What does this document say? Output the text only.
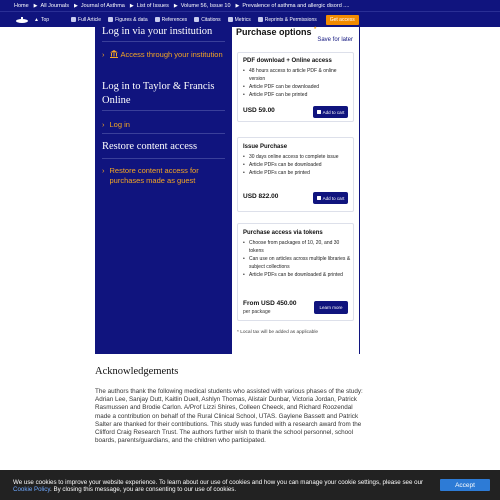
Home ▶ All Journals ▶ Journal of Asthma ▶ List of Issues ▶ Volume 56, Issue 10 ▶ Prevalence of asthma and allergic disord ....
▲ Top	Full Article	Figures & data	References	Citations	Metrics	Reprints & Permissions	Get access
Log in via your institution
›	Access through your institution
Log in to Taylor & Francis Online
› Log in
Restore content access
› Restore content access for purchases made as guest
Purchase options *
Save for later
PDF download + Online access
• 48 hours access to article PDF & online version
• Article PDF can be downloaded
• Article PDF can be printed
USD 59.00	Add to cart
Issue Purchase
• 30 days online access to complete issue
• Article PDFs can be downloaded
• Article PDFs can be printed
USD 822.00	Add to cart
Purchase access via tokens
• Choose from packages of 10, 20, and 30 tokens
• Can use on articles across multiple libraries & subject collections
• Article PDFs can be downloaded & printed
From USD 450.00
per package
Learn more
* Local tax will be added as applicable
Acknowledgements
The authors thank the following medical students who assisted with various phases of the study: Adrian Lee, Sanjay Dutt, Kaitlin Duell, Ashlyn Thomas, Alistair Dunbar, Victoria Jordan, Patrick Rasmussen and Brodie Carlon. A/Prof Lizzi Shires, Colleen Cheeck, and Richard Roozendal made a contribution on behalf of the Rural Clinical School, UTAS. Gaylene Bassett and Patrick Salter are thanked for their contributions. This study was funded with a research award from the Clifford Craig Research Trust. The authors further wish to thank the school personnel, school boards, parents/guardians, and the children who participated.
We use cookies to improve your website experience. To learn about our use of cookies and how you can manage your cookie settings, please see our Cookie Policy. By closing this message, you are consenting to our use of cookies.
Accept
